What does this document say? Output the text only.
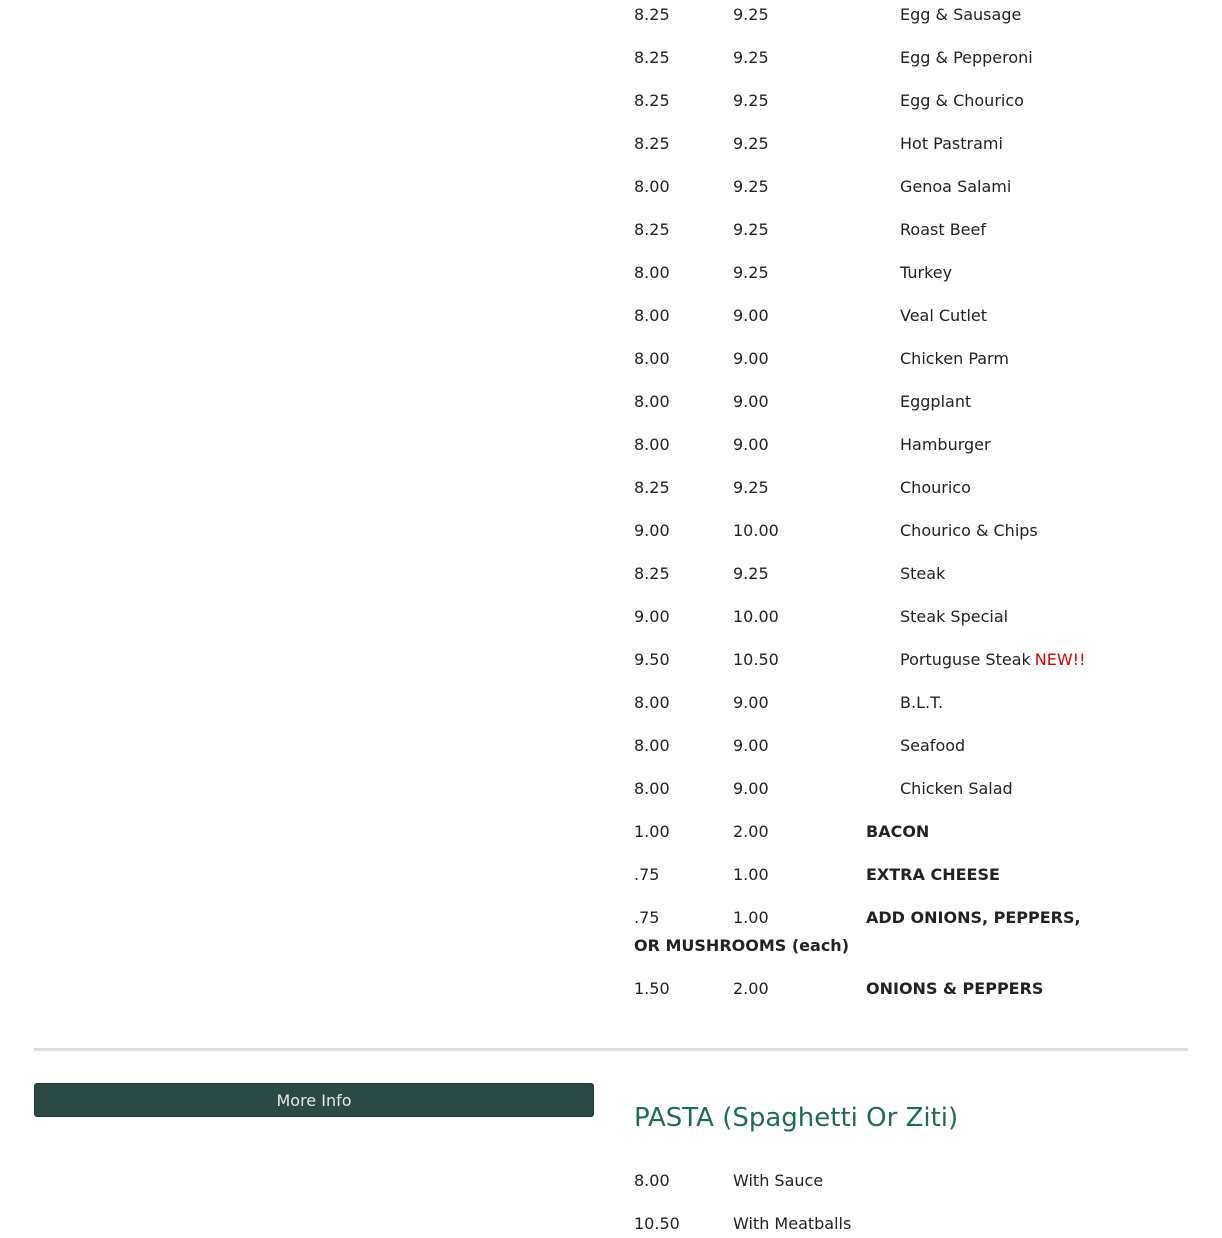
8.25	9.25	Egg & Sausage
8.25	9.25	Egg & Pepperoni
8.25	9.25	Egg & Chourico
8.25	9.25	Hot Pastrami
8.00	9.25	Genoa Salami
8.25	9.25	Roast Beef
8.00	9.25	Turkey
8.00	9.00	Veal Cutlet
8.00	9.00	Chicken Parm
8.00	9.00	Eggplant
8.00	9.00	Hamburger
8.25	9.25	Chourico
9.00	10.00	Chourico & Chips
8.25	9.25	Steak
9.00	10.00	Steak Special
9.50	10.50	Portuguse Steak NEW!!
8.00	9.00	B.L.T.
8.00	9.00	Seafood
8.00	9.00	Chicken Salad
1.00	2.00	BACON
.75	1.00	EXTRA CHEESE
.75	1.00	ADD ONIONS, PEPPERS, OR MUSHROOMS (each)
1.50	2.00	ONIONS & PEPPERS
More Info
PASTA (Spaghetti Or Ziti)
8.00	With Sauce
10.50	With Meatballs
